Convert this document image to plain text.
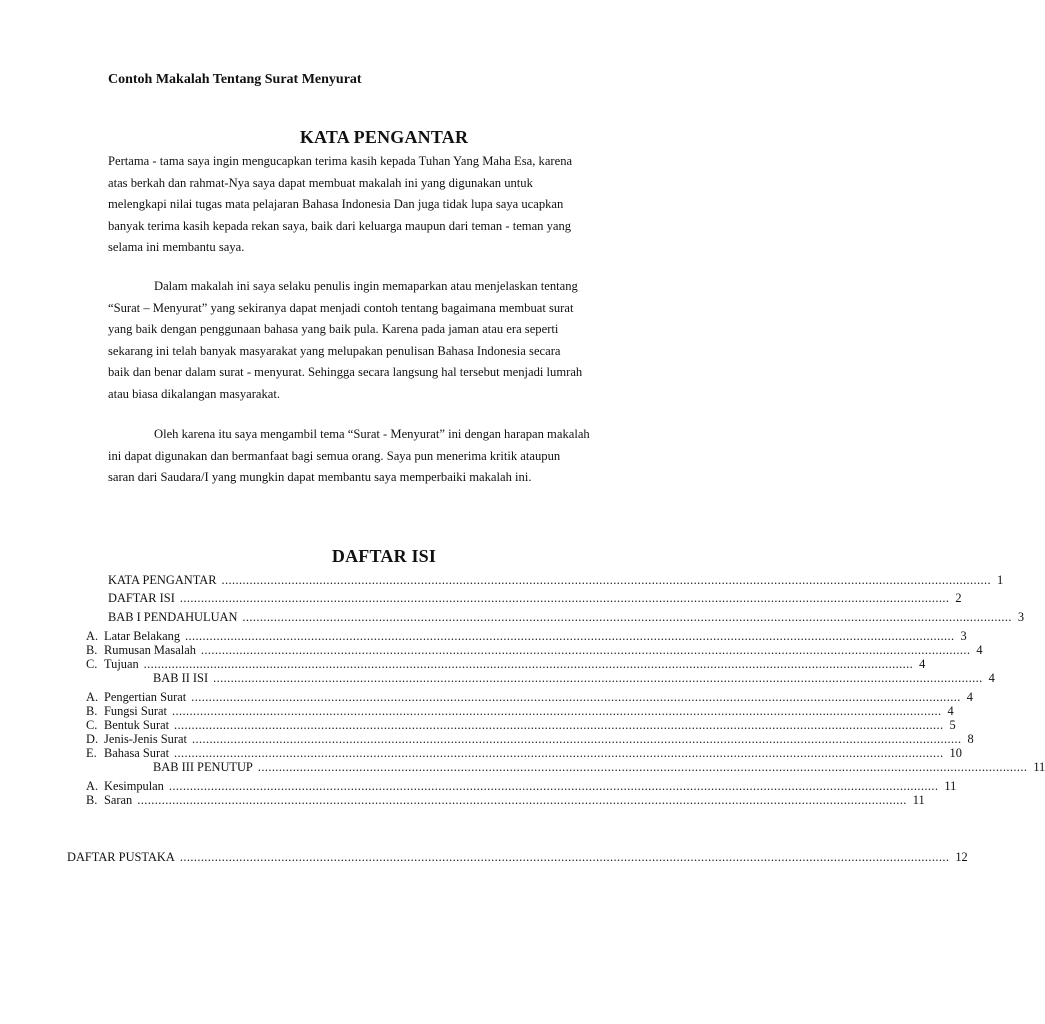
Contoh Makalah Tentang Surat Menyurat
KATA PENGANTAR
Pertama - tama saya ingin mengucapkan terima kasih kepada Tuhan Yang Maha Esa, karena
atas berkah dan rahmat-Nya saya dapat membuat makalah ini yang digunakan untuk
melengkapi nilai tugas mata pelajaran Bahasa Indonesia Dan juga tidak lupa saya ucapkan
banyak terima kasih kepada rekan saya, baik dari keluarga maupun dari teman - teman yang
selama ini membantu saya.
Dalam makalah ini saya selaku penulis ingin memaparkan atau menjelaskan tentang
“Surat – Menyurat” yang sekiranya dapat menjadi contoh tentang bagaimana membuat surat
yang baik dengan penggunaan bahasa yang baik pula. Karena pada jaman atau era seperti
sekarang ini telah banyak masyarakat yang melupakan penulisan Bahasa Indonesia secara
baik dan benar dalam surat - menyurat. Sehingga secara langsung hal tersebut menjadi lumrah
atau biasa dikalangan masyarakat.
Oleh karena itu saya mengambil tema “Surat - Menyurat” ini dengan harapan makalah
ini dapat digunakan dan bermanfaat bagi semua orang. Saya pun menerima kritik ataupun
saran dari Saudara/I yang mungkin dapat membantu saya memperbaiki makalah ini.
DAFTAR ISI
KATA PENGANTAR ............................................................................................................................................................................................................................ 1
DAFTAR ISI ............................................................................................................................................................................................................................ 2
BAB I PENDAHULUAN ............................................................................................................................................................................................................................ 3
A. Latar Belakang ............................................................................................................................................................................................................................ 3
B. Rumusan Masalah ............................................................................................................................................................................................................................ 4
C. Tujuan ............................................................................................................................................................................................................................ 4
BAB II ISI ............................................................................................................................................................................................................................ 4
A. Pengertian Surat ............................................................................................................................................................................................................................ 4
B. Fungsi Surat ............................................................................................................................................................................................................................ 4
C. Bentuk Surat ............................................................................................................................................................................................................................ 5
D. Jenis-Jenis Surat ............................................................................................................................................................................................................................ 8
E. Bahasa Surat ............................................................................................................................................................................................................................ 10
BAB III PENUTUP ............................................................................................................................................................................................................................ 11
A. Kesimpulan ............................................................................................................................................................................................................................ 11
B. Saran ............................................................................................................................................................................................................................ 11
DAFTAR PUSTAKA ............................................................................................................................................................................................................................ 12
